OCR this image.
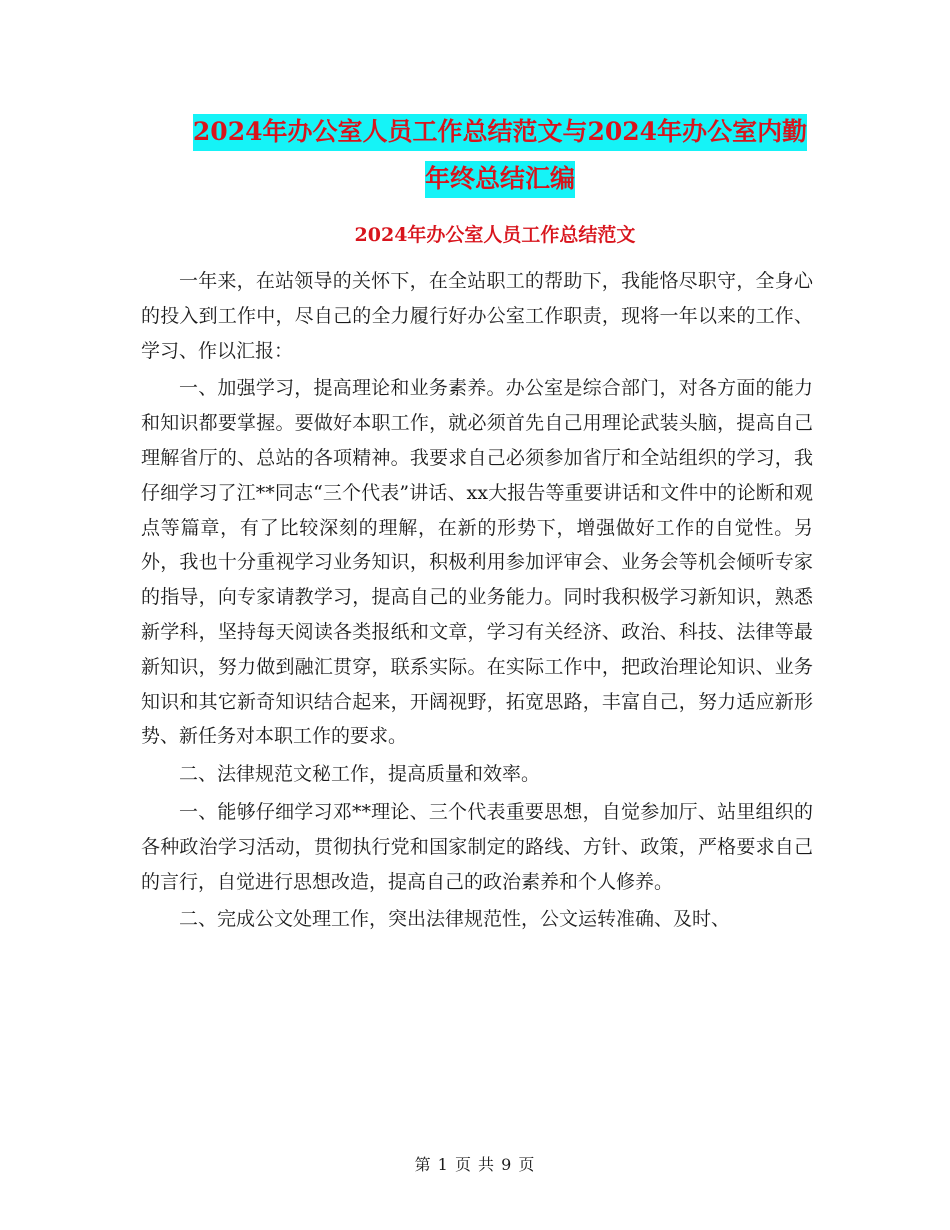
2024年办公室人员工作总结范文与2024年办公室内勤
年终总结汇编
2024年办公室人员工作总结范文

一年来，在站领导的关怀下，在全站职工的帮助下，我能恪尽职守，全身心的投入到工作中，尽自己的全力履行好办公室工作职责，现将一年以来的工作、学习、作以汇报：

一、加强学习，提高理论和业务素养。办公室是综合部门，对各方面的能力和知识都要掌握。要做好本职工作，就必须首先自己用理论武装头脑，提高自己理解省厅的、总站的各项精神。我要求自己必须参加省厅和全站组织的学习，我仔细学习了江**同志“三个代表”讲话、xx大报告等重要讲话和文件中的论断和观点等篇章，有了比较深刻的理解，在新的形势下，增强做好工作的自觉性。另外，我也十分重视学习业务知识，积极利用参加评审会、业务会等机会倾听专家的指导，向专家请教学习，提高自己的业务能力。同时我积极学习新知识，熟悉新学科，坚持每天阅读各类报纸和文章，学习有关经济、政治、科技、法律等最新知识，努力做到融汇贯穿，联系实际。在实际工作中，把政治理论知识、业务知识和其它新奇知识结合起来，开阔视野，拓宽思路，丰富自己，努力适应新形势、新任务对本职工作的要求。

二、法律规范文秘工作，提高质量和效率。

一、能够仔细学习邓**理论、三个代表重要思想，自觉参加厅、站里组织的各种政治学习活动，贯彻执行党和国家制定的路线、方针、政策，严格要求自己的言行，自觉进行思想改造，提高自己的政治素养和个人修养。

二、完成公文处理工作，突出法律规范性，公文运转准确、及时、

第 1 页 共 9 页
